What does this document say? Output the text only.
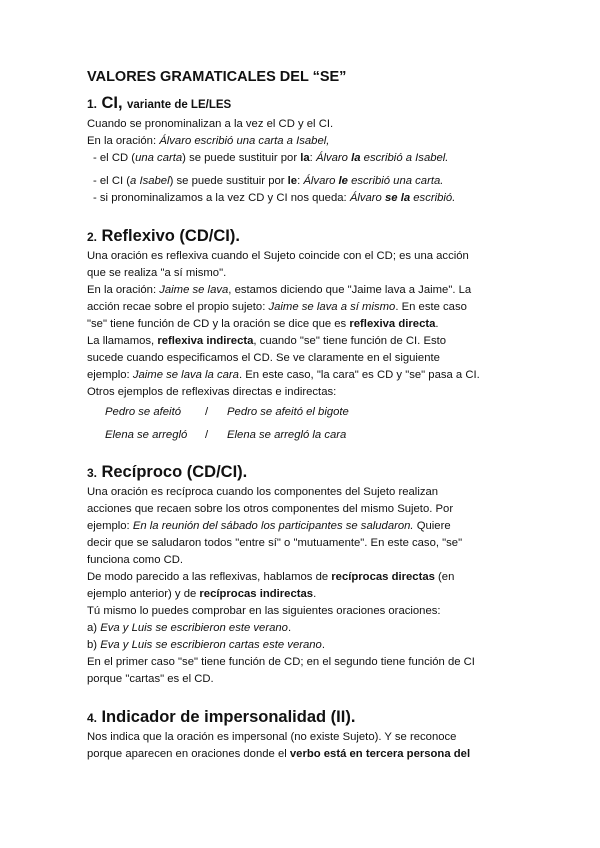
VALORES GRAMATICALES DEL “SE”
1. CI, variante de LE/LES

Cuando se pronominalizan a la vez el CD y el CI.

En la oración: Álvaro escribió una carta a Isabel,

- el CD (una carta) se puede sustituir por la: Álvaro la escribió a Isabel.

- el CI (a Isabel) se puede sustituir por le: Álvaro le escribió una carta.

- si pronominalizamos a la vez CD y CI nos queda: Álvaro se la escribió.

2. Reflexivo (CD/CI).

Una oración es reflexiva cuando el Sujeto coincide con el CD; es una acción

que se realiza "a sí mismo".

En la oración: Jaime se lava, estamos diciendo que "Jaime lava a Jaime". La

acción recae sobre el propio sujeto: Jaime se lava a sí mismo. En este caso

"se" tiene función de CD y la oración se dice que es reflexiva directa.

La llamamos, reflexiva indirecta, cuando "se" tiene función de CI. Esto

sucede cuando especificamos el CD. Se ve claramente en el siguiente

ejemplo: Jaime se lava la cara. En este caso, "la cara" es CD y "se" pasa a CI.

Otros ejemplos de reflexivas directas e indirectas:

Pedro se afeitó	/	Pedro se afeitó el bigote
Elena se arregló	/	Elena se arregló la cara
3. Recíproco (CD/CI).

Una oración es recíproca cuando los componentes del Sujeto realizan

acciones que recaen sobre los otros componentes del mismo Sujeto. Por

ejemplo: En la reunión del sábado los participantes se saludaron. Quiere

decir que se saludaron todos "entre sí" o "mutuamente". En este caso, "se"

funciona como CD.

De modo parecido a las reflexivas, hablamos de recíprocas directas (en

ejemplo anterior) y de recíprocas indirectas.

Tú mismo lo puedes comprobar en las siguientes oraciones oraciones:

a) Eva y Luis se escribieron este verano.

b) Eva y Luis se escribieron cartas este verano.

En el primer caso "se" tiene función de CD; en el segundo tiene función de CI

porque "cartas" es el CD.

4. Indicador de impersonalidad (II).

Nos indica que la oración es impersonal (no existe Sujeto). Y se reconoce

porque aparecen en oraciones donde el verbo está en tercera persona del
